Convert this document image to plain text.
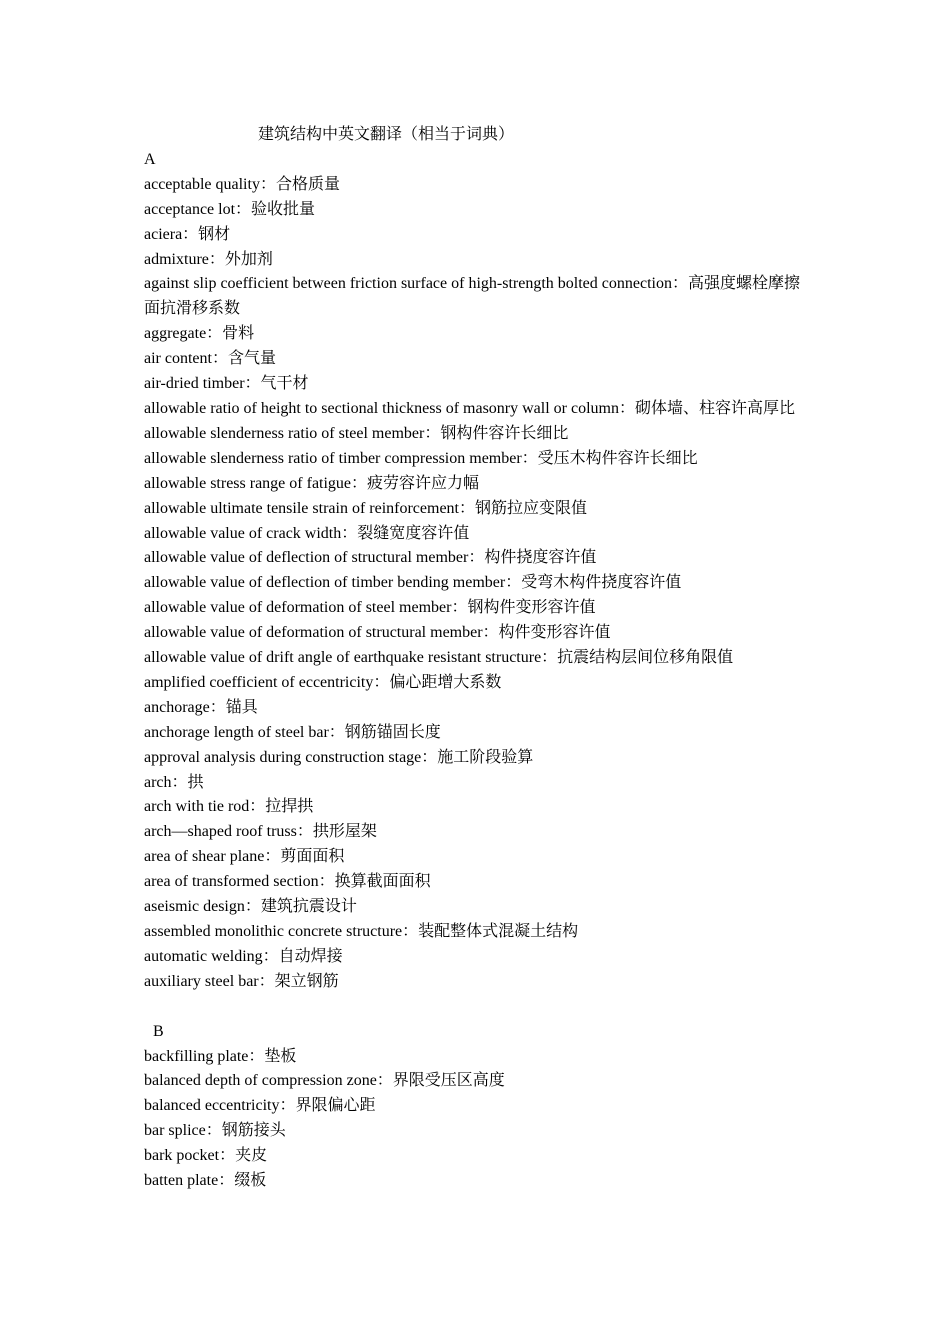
建筑结构中英文翻译（相当于词典）
A
acceptable quality：合格质量
acceptance lot：验收批量
aciera：钢材
admixture：外加剂
against slip coefficient between friction surface of high-strength bolted connection：高强度螺栓摩擦面抗滑移系数
aggregate：骨料
air content：含气量
air-dried timber：气干材
allowable ratio of height to sectional thickness of masonry wall or column：砌体墙、柱容许高厚比
allowable slenderness ratio of steel member：钢构件容许长细比
allowable slenderness ratio of timber compression member：受压木构件容许长细比
allowable stress range of fatigue：疲劳容许应力幅
allowable ultimate tensile strain of reinforcement：钢筋拉应变限值
allowable value of crack width：裂缝宽度容许值
allowable value of deflection of structural member：构件挠度容许值
allowable value of deflection of timber bending member：受弯木构件挠度容许值
allowable value of deformation of steel member：钢构件变形容许值
allowable value of deformation of structural member：构件变形容许值
allowable value of drift angle of earthquake resistant structure：抗震结构层间位移角限值
amplified coefficient of eccentricity：偏心距增大系数
anchorage：锚具
anchorage length of steel bar：钢筋锚固长度
approval analysis during construction stage：施工阶段验算
arch：拱
arch with tie rod：拉捍拱
arch—shaped roof truss：拱形屋架
area of shear plane：剪面面积
area of transformed section：换算截面面积
aseismic design：建筑抗震设计
assembled monolithic concrete structure：装配整体式混凝土结构
automatic welding：自动焊接
auxiliary steel bar：架立钢筋
B
backfilling plate：垫板
balanced depth of compression zone：界限受压区高度
balanced eccentricity：界限偏心距
bar splice：钢筋接头
bark pocket：夹皮
batten plate：缀板
